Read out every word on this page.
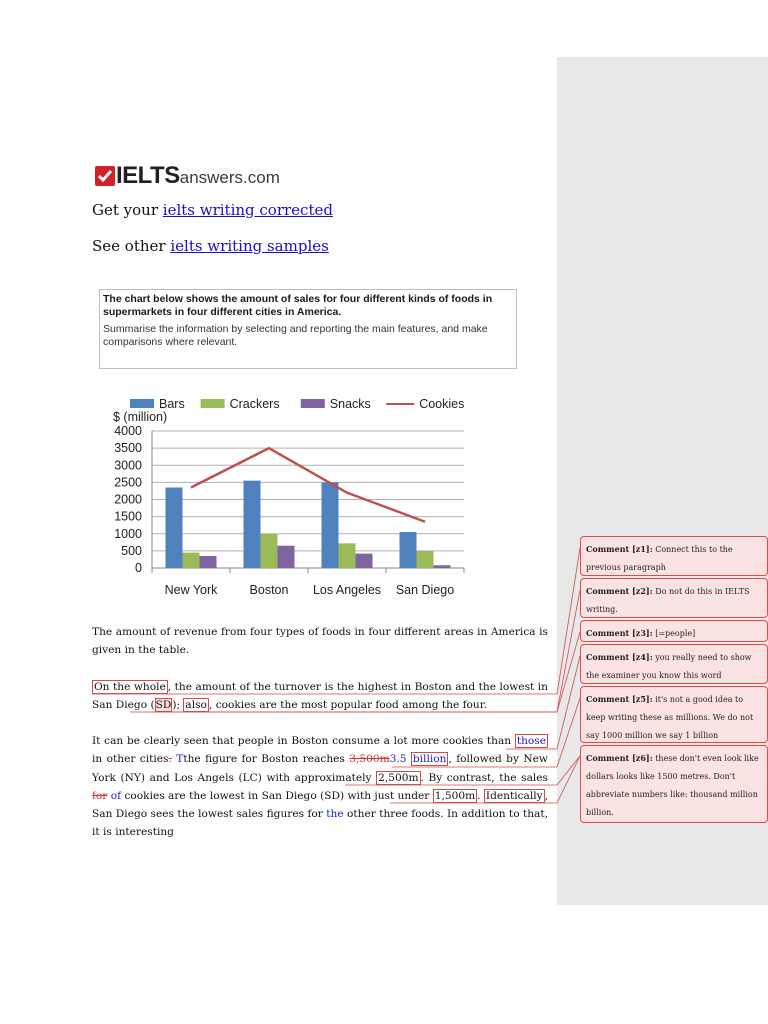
IELTS answers.com
Get your ielts writing corrected
See other ielts writing samples
The chart below shows the amount of sales for four different kinds of foods in
supermarkets in four different cities in America.
Summarise the information by selecting and reporting the main features, and make
comparisons where relevant.
0
500
1000
1500
2000
2500
3000
3500
4000
$ (million)
New York	Boston Los Angeles San Diego
Bars	Crackers	Snacks	Cookies
The amount of revenue from four types of foods in four different areas in America is given in the table.
On the whole , the amount of the turnover is the highest in Boston and the lowest in San Diego (SD); also , cookies are the most popular food among the four.
It can be clearly seen that people in Boston consume a lot more cookies than those in other cities. Tthe figure for Boston reaches 3,500m3.5 billion , followed by New York (NY) and Los Angels (LC) with approximately 2,500m . By contrast, the sales for of cookies are the lowest in San Diego (SD) with just under 1,500m . Identically , San Diego sees the lowest sales figures for the other three foods. In addition to that, it is interesting
Comment [z1]: Connect this to the previous paragraph
Comment [z2]: Do not do this in IELTS writing.
Comment [z3]: [=people]
Comment [z4]: you really need to show the examiner you know this word
Comment [z5]: it's not a good idea to keep writing these as millions. We do not say 1000 million we say 1 billion
Comment [z6]: these don't even look like dollars looks like 1500 metres. Don't abbreviate numbers like: thousand million billion.
